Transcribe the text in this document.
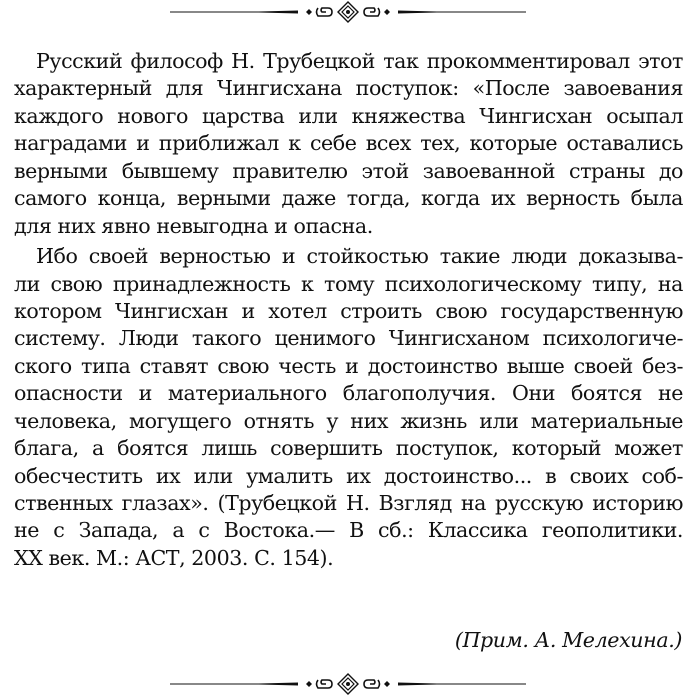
Русский философ Н. Трубецкой так прокомментировал этот
характерный для Чингисхана поступок: «После завоевания
каждого нового царства или княжества Чингисхан осыпал
наградами и приближал к себе всех тех, которые оставались
верными бывшему правителю этой завоеванной страны до
самого конца, верными даже тогда, когда их верность была
для них явно невыгодна и опасна.
Ибо своей верностью и стойкостью такие люди доказыва-
ли свою принадлежность к тому психологическому типу, на
котором Чингисхан и хотел строить свою государственную
систему. Люди такого ценимого Чингисханом психологиче-
ского типа ставят свою честь и достоинство выше своей без-
опасности и материального благополучия. Они боятся не
человека, могущего отнять у них жизнь или материальные
блага, а боятся лишь совершить поступок, который может
обесчестить их или умалить их достоинство... в своих соб-
ственных глазах». (Трубецкой Н. Взгляд на русскую историю
не с Запада, а с Востока.— В сб.: Классика геополитики.
XX век. М.: АСТ, 2003. С. 154).
(Прим. А. Мелехина.)
